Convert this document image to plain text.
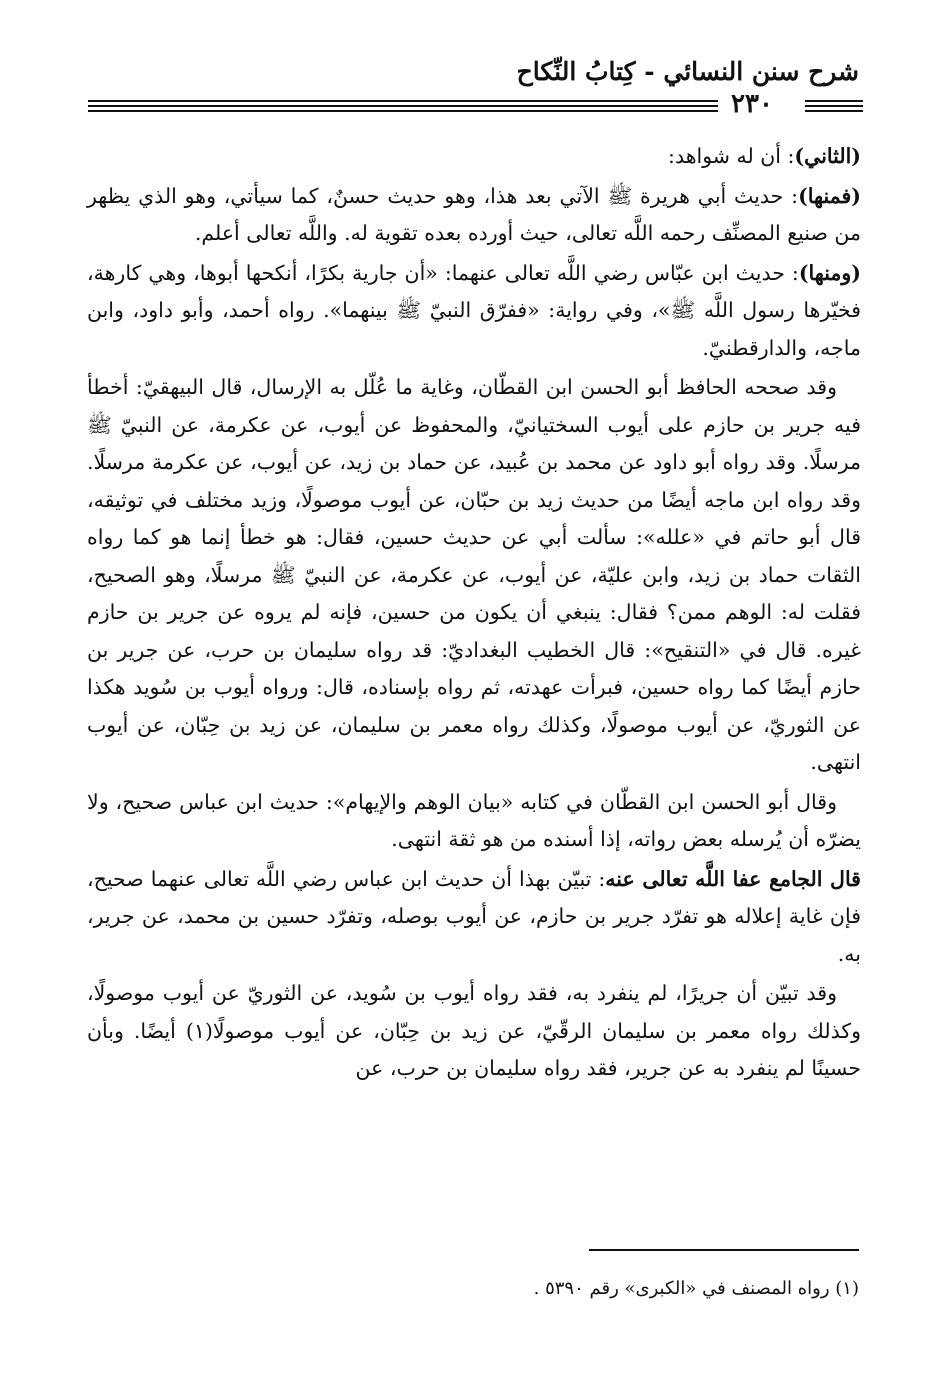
شرح سنن النسائي - كِتابُ النِّكاح
٢٣٠

(الثاني): أن له شواهد:

(فمنها): حديث أبي هريرة ﷺ الآتي بعد هذا، وهو حديث حسنٌ، كما سيأتي، وهو الذي يظهر من صنيع المصنِّف رحمه اللَّه تعالى، حيث أورده بعده تقوية له. واللَّه تعالى أعلم.

(ومنها): حديث ابن عبّاس رضي اللَّه تعالى عنهما: «أن جارية بكرًا، أنكحها أبوها، وهي كارهة، فخيّرها رسول اللَّه ﷺ»، وفي رواية: «ففرّق النبيّ ﷺ بينهما». رواه أحمد، وأبو داود، وابن ماجه، والدارقطنيّ.

وقد صححه الحافظ أبو الحسن ابن القطّان، وغاية ما عُلّل به الإرسال، قال البيهقيّ: أخطأ فيه جرير بن حازم على أيوب السختيانيّ، والمحفوظ عن أيوب، عن عكرمة، عن النبيّ ﷺ مرسلًا. وقد رواه أبو داود عن محمد بن عُبيد، عن حماد بن زيد، عن أيوب، عن عكرمة مرسلًا. وقد رواه ابن ماجه أيضًا من حديث زيد بن حبّان، عن أيوب موصولًا، وزيد مختلف في توثيقه، قال أبو حاتم في «علله»: سألت أبي عن حديث حسين، فقال: هو خطأ إنما هو كما رواه الثقات حماد بن زيد، وابن عليّة، عن أيوب، عن عكرمة، عن النبيّ ﷺ مرسلًا، وهو الصحيح، فقلت له: الوهم ممن؟ فقال: ينبغي أن يكون من حسين، فإنه لم يروه عن جرير بن حازم غيره. قال في «التنقيح»: قال الخطيب البغداديّ: قد رواه سليمان بن حرب، عن جرير بن حازم أيضًا كما رواه حسين، فبرأت عهدته، ثم رواه بإسناده، قال: ورواه أيوب بن سُويد هكذا عن الثوريّ، عن أيوب موصولًا، وكذلك رواه معمر بن سليمان، عن زيد بن حِبّان، عن أيوب انتهى.

وقال أبو الحسن ابن القطّان في كتابه «بيان الوهم والإيهام»: حديث ابن عباس صحيح، ولا يضرّه أن يُرسله بعض رواته، إذا أسنده من هو ثقة انتهى.

قال الجامع عفا اللَّه تعالى عنه: تبيّن بهذا أن حديث ابن عباس رضي اللَّه تعالى عنهما صحيح، فإن غاية إعلاله هو تفرّد جرير بن حازم، عن أيوب بوصله، وتفرّد حسين بن محمد، عن جرير، به.

وقد تبيّن أن جريرًا، لم ينفرد به، فقد رواه أيوب بن سُويد، عن الثوريّ عن أيوب موصولًا، وكذلك رواه معمر بن سليمان الرقّيّ، عن زيد بن حِبّان، عن أيوب موصولًا(١) أيضًا. وبأن حسينًا لم ينفرد به عن جرير، فقد رواه سليمان بن حرب، عن

(١) رواه المصنف في «الكبرى» رقم ٥٣٩٠ .
